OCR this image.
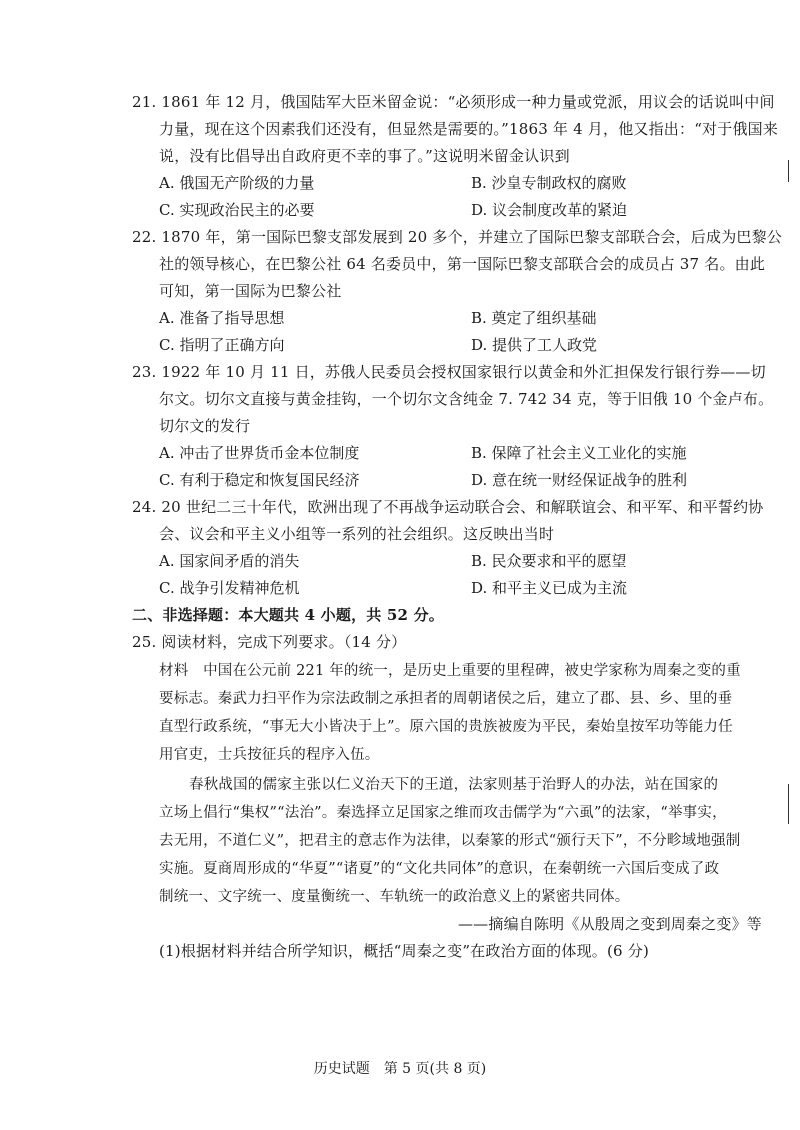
21. 1861 年 12 月，俄国陆军大臣米留金说：“必须形成一种力量或党派，用议会的话说叫中间
力量，现在这个因素我们还没有，但显然是需要的。”1863 年 4 月，他又指出：“对于俄国来
说，没有比倡导出自政府更不幸的事了。”这说明米留金认识到
A. 俄国无产阶级的力量	B. 沙皇专制政权的腐败
C. 实现政治民主的必要	D. 议会制度改革的紧迫
22. 1870 年，第一国际巴黎支部发展到 20 多个，并建立了国际巴黎支部联合会，后成为巴黎公
社的领导核心，在巴黎公社 64 名委员中，第一国际巴黎支部联合会的成员占 37 名。由此
可知，第一国际为巴黎公社
A. 准备了指导思想	B. 奠定了组织基础
C. 指明了正确方向	D. 提供了工人政党
23. 1922 年 10 月 11 日，苏俄人民委员会授权国家银行以黄金和外汇担保发行银行券——切
尔文。切尔文直接与黄金挂钩，一个切尔文含纯金 7. 742 34 克，等于旧俄 10 个金卢布。
切尔文的发行
A. 冲击了世界货币金本位制度	B. 保障了社会主义工业化的实施
C. 有利于稳定和恢复国民经济	D. 意在统一财经保证战争的胜利
24. 20 世纪二三十年代，欧洲出现了不再战争运动联合会、和解联谊会、和平军、和平誓约协
会、议会和平主义小组等一系列的社会组织。这反映出当时
A. 国家间矛盾的消失	B. 民众要求和平的愿望
C. 战争引发精神危机	D. 和平主义已成为主流
二、非选择题：本大题共 4 小题，共 52 分。
25. 阅读材料，完成下列要求。（14 分）
材料　中国在公元前 221 年的统一，是历史上重要的里程碑，被史学家称为周秦之变的重
要标志。秦武力扫平作为宗法政制之承担者的周朝诸侯之后，建立了郡、县、乡、里的垂
直型行政系统，“事无大小皆决于上”。原六国的贵族被废为平民，秦始皇按军功等能力任
用官吏，士兵按征兵的程序入伍。
春秋战国的儒家主张以仁义治天下的王道，法家则基于治野人的办法，站在国家的
立场上倡行“集权”“法治”。秦选择立足国家之维而攻击儒学为“六虱”的法家，“举事实，
去无用，不道仁义”，把君主的意志作为法律，以秦篆的形式“颁行天下”，不分畛域地强制
实施。夏商周形成的“华夏”“诸夏”的“文化共同体”的意识，在秦朝统一六国后变成了政
制统一、文字统一、度量衡统一、车轨统一的政治意义上的紧密共同体。
——摘编自陈明《从殷周之变到周秦之变》等
(1)根据材料并结合所学知识，概括“周秦之变”在政治方面的体现。(6 分)
历史试题　第 5 页(共 8 页)
